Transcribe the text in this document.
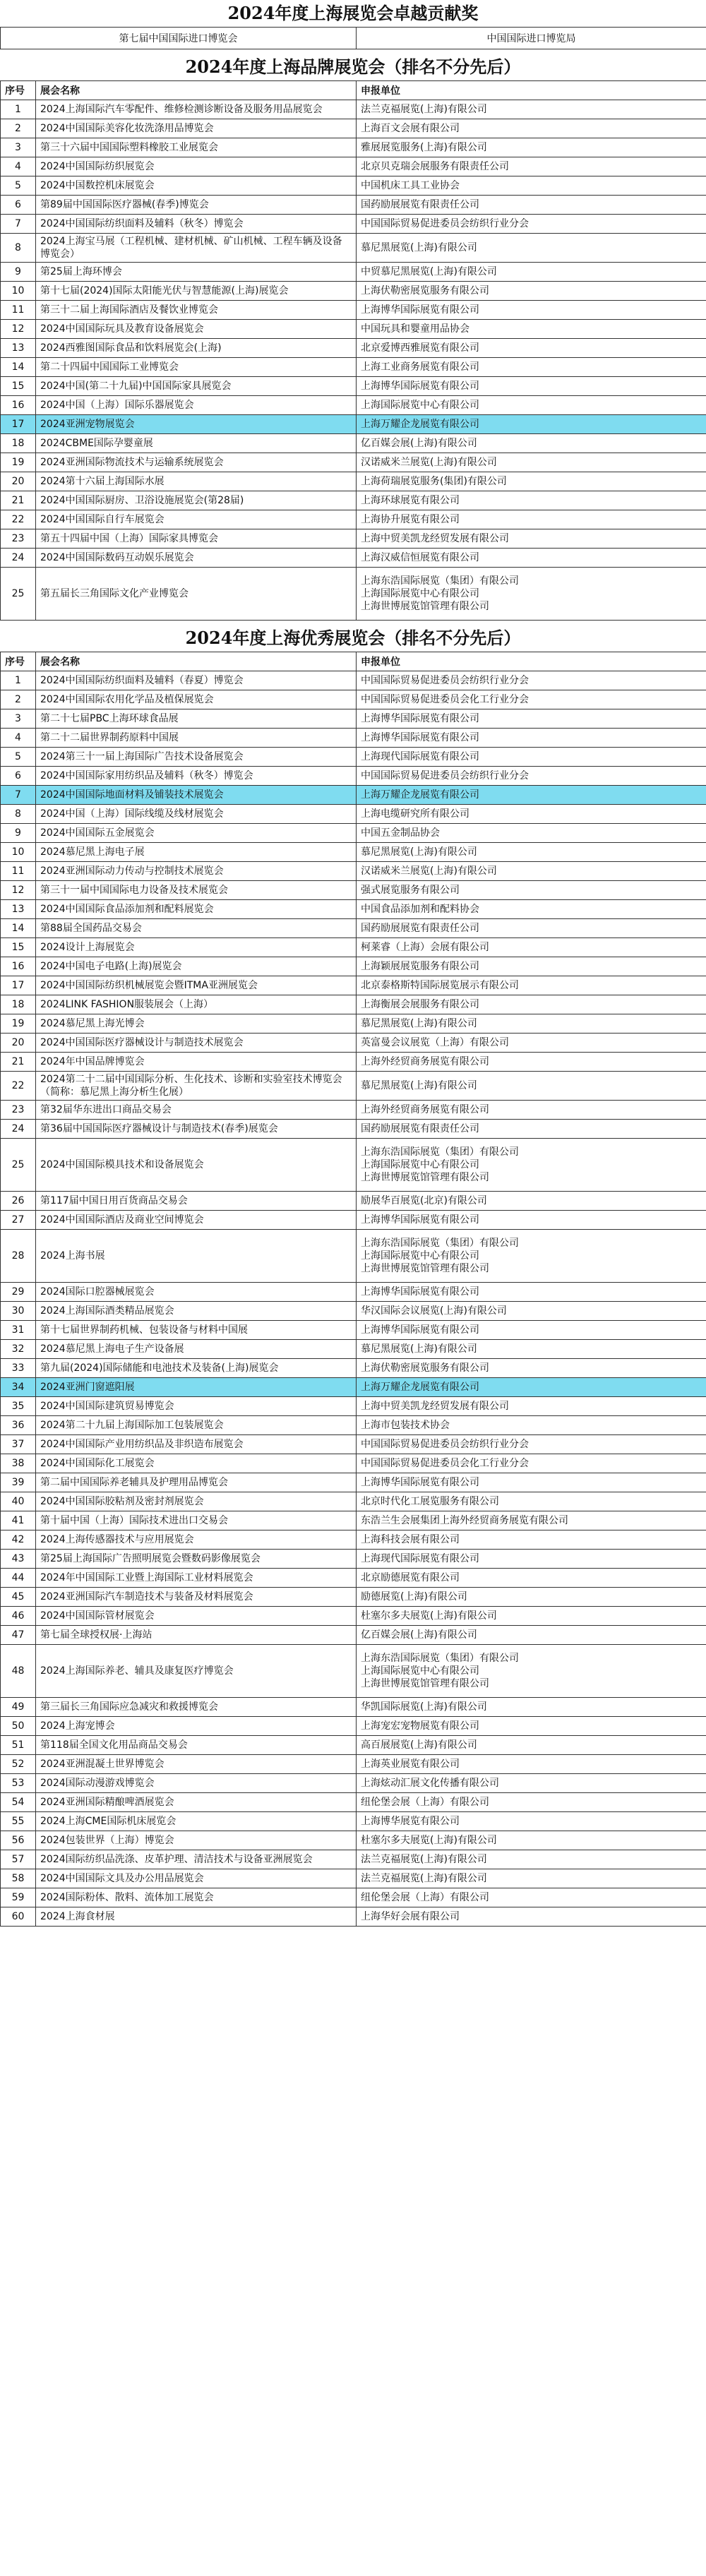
2024年度上海展览会卓越贡献奖
第七届中国国际进口博览会	中国国际进口博览局
2024年度上海品牌展览会（排名不分先后）
序号	展会名称	申报单位
1	2024上海国际汽车零配件、维修检测诊断设备及服务用品展览会	法兰克福展览(上海)有限公司

2	2024中国国际美容化妆洗涤用品博览会	上海百文会展有限公司

3	第三十六届中国国际塑料橡胶工业展览会	雅展展览服务(上海)有限公司

4	2024中国国际纺织展览会	北京贝克瑞会展服务有限责任公司

5	2024中国数控机床展览会	中国机床工具工业协会

6	第89届中国国际医疗器械(春季)博览会	国药励展展览有限责任公司

7	2024中国国际纺织面料及辅料（秋冬）博览会	中国国际贸易促进委员会纺织行业分会

8	2024上海宝马展（工程机械、建材机械、矿山机械、工程车辆及设备博览会）	慕尼黑展览(上海)有限公司

9	第25届上海环博会	中贸慕尼黑展览(上海)有限公司

10	第十七届(2024)国际太阳能光伏与智慧能源(上海)展览会	上海伏勒密展览服务有限公司

11	第三十二届上海国际酒店及餐饮业博览会	上海博华国际展览有限公司

12	2024中国国际玩具及教育设备展览会	中国玩具和婴童用品协会

13	2024西雅图国际食品和饮料展览会(上海)	北京爱博西雅展览有限公司

14	第二十四届中国国际工业博览会	上海工业商务展览有限公司

15	2024中国(第二十九届)中国国际家具展览会	上海博华国际展览有限公司

16	2024中国（上海）国际乐器展览会	上海国际展览中心有限公司

17	2024亚洲宠物展览会	上海万耀企龙展览有限公司

18	2024CBME国际孕婴童展	亿百媒会展(上海)有限公司

19	2024亚洲国际物流技术与运输系统展览会	汉诺威米兰展览(上海)有限公司

20	2024第十六届上海国际水展	上海荷瑞展览服务(集团)有限公司

21	2024中国国际厨房、卫浴设施展览会(第28届)	上海环球展览有限公司

22	2024中国国际自行车展览会	上海协升展览有限公司

23	第五十四届中国（上海）国际家具博览会	上海中贸美凯龙经贸发展有限公司

24	2024中国国际数码互动娱乐展览会	上海汉威信恒展览有限公司

25	第五届长三角国际文化产业博览会	上海东浩国际展览（集团）有限公司
上海国际展览中心有限公司
上海世博展览馆管理有限公司
2024年度上海优秀展览会（排名不分先后）
序号	展会名称	申报单位
1	2024中国国际纺织面料及辅料（春夏）博览会	中国国际贸易促进委员会纺织行业分会

2	2024中国国际农用化学品及植保展览会	中国国际贸易促进委员会化工行业分会

3	第二十七届PBC上海环球食品展	上海博华国际展览有限公司

4	第二十二届世界制药原料中国展	上海博华国际展览有限公司

5	2024第三十一届上海国际广告技术设备展览会	上海现代国际展览有限公司

6	2024中国国际家用纺织品及辅料（秋冬）博览会	中国国际贸易促进委员会纺织行业分会

7	2024中国国际地面材料及铺装技术展览会	上海万耀企龙展览有限公司

8	2024中国（上海）国际线缆及线材展览会	上海电缆研究所有限公司

9	2024中国国际五金展览会	中国五金制品协会

10	2024慕尼黑上海电子展	慕尼黑展览(上海)有限公司

11	2024亚洲国际动力传动与控制技术展览会	汉诺威米兰展览(上海)有限公司

12	第三十一届中国国际电力设备及技术展览会	强式展览服务有限公司

13	2024中国国际食品添加剂和配料展览会	中国食品添加剂和配料协会

14	第88届全国药品交易会	国药励展展览有限责任公司

15	2024设计上海展览会	柯莱睿（上海）会展有限公司

16	2024中国电子电路(上海)展览会	上海颖展展览服务有限公司

17	2024中国国际纺织机械展览会暨ITMA亚洲展览会	北京泰格斯特国际展览展示有限公司

18	2024LINK FASHION服装展会（上海）	上海衡展会展服务有限公司

19	2024慕尼黑上海光博会	慕尼黑展览(上海)有限公司

20	2024中国国际医疗器械设计与制造技术展览会	英富曼会议展览（上海）有限公司

21	2024年中国品牌博览会	上海外经贸商务展览有限公司

22	2024第二十二届中国国际分析、生化技术、诊断和实验室技术博览会（简称：慕尼黑上海分析生化展）	慕尼黑展览(上海)有限公司

23	第32届华东进出口商品交易会	上海外经贸商务展览有限公司

24	第36届中国国际医疗器械设计与制造技术(春季)展览会	国药励展展览有限责任公司

25	2024中国国际模具技术和设备展览会	上海东浩国际展览（集团）有限公司
上海国际展览中心有限公司
上海世博展览馆管理有限公司

26	第117届中国日用百货商品交易会	励展华百展览(北京)有限公司

27	2024中国国际酒店及商业空间博览会	上海博华国际展览有限公司

28	2024上海书展	上海东浩国际展览（集团）有限公司
上海国际展览中心有限公司
上海世博展览馆管理有限公司

29	2024国际口腔器械展览会	上海博华国际展览有限公司

30	2024上海国际酒类精品展览会	华汉国际会议展览(上海)有限公司

31	第十七届世界制药机械、包装设备与材料中国展	上海博华国际展览有限公司

32	2024慕尼黑上海电子生产设备展	慕尼黑展览(上海)有限公司

33	第九届(2024)国际储能和电池技术及装备(上海)展览会	上海伏勒密展览服务有限公司

34	2024亚洲门窗遮阳展	上海万耀企龙展览有限公司

35	2024中国国际建筑贸易博览会	上海中贸美凯龙经贸发展有限公司

36	2024第二十九届上海国际加工包装展览会	上海市包装技术协会

37	2024中国国际产业用纺织品及非织造布展览会	中国国际贸易促进委员会纺织行业分会

38	2024中国国际化工展览会	中国国际贸易促进委员会化工行业分会

39	第二届中国国际养老辅具及护理用品博览会	上海博华国际展览有限公司

40	2024中国国际胶粘剂及密封剂展览会	北京时代化工展览服务有限公司

41	第十届中国（上海）国际技术进出口交易会	东浩兰生会展集团上海外经贸商务展览有限公司

42	2024上海传感器技术与应用展览会	上海科技会展有限公司

43	第25届上海国际广告照明展览会暨数码影像展览会	上海现代国际展览有限公司

44	2024年中国国际工业暨上海国际工业材料展览会	北京励德展览有限公司

45	2024亚洲国际汽车制造技术与装备及材料展览会	励德展览(上海)有限公司

46	2024中国国际管材展览会	杜塞尔多夫展览(上海)有限公司

47	第七届全球授权展·上海站	亿百媒会展(上海)有限公司

48	2024上海国际养老、辅具及康复医疗博览会	上海东浩国际展览（集团）有限公司
上海国际展览中心有限公司
上海世博展览馆管理有限公司

49	第三届长三角国际应急减灾和救援博览会	华凯国际展览(上海)有限公司

50	2024上海宠博会	上海宠宏宠物展览有限公司

51	第118届全国文化用品商品交易会	高百展展览(上海)有限公司

52	2024亚洲混凝土世界博览会	上海英业展览有限公司

53	2024国际动漫游戏博览会	上海炫动汇展文化传播有限公司

54	2024亚洲国际精酿啤酒展览会	纽伦堡会展（上海）有限公司

55	2024上海CME国际机床展览会	上海博华展览有限公司

56	2024包装世界（上海）博览会	杜塞尔多夫展览(上海)有限公司

57	2024国际纺织品洗涤、皮革护理、清洁技术与设备亚洲展览会	法兰克福展览(上海)有限公司

58	2024中国国际文具及办公用品展览会	法兰克福展览(上海)有限公司

59	2024国际粉体、散料、流体加工展览会	纽伦堡会展（上海）有限公司

60	2024上海食材展	上海华好会展有限公司
